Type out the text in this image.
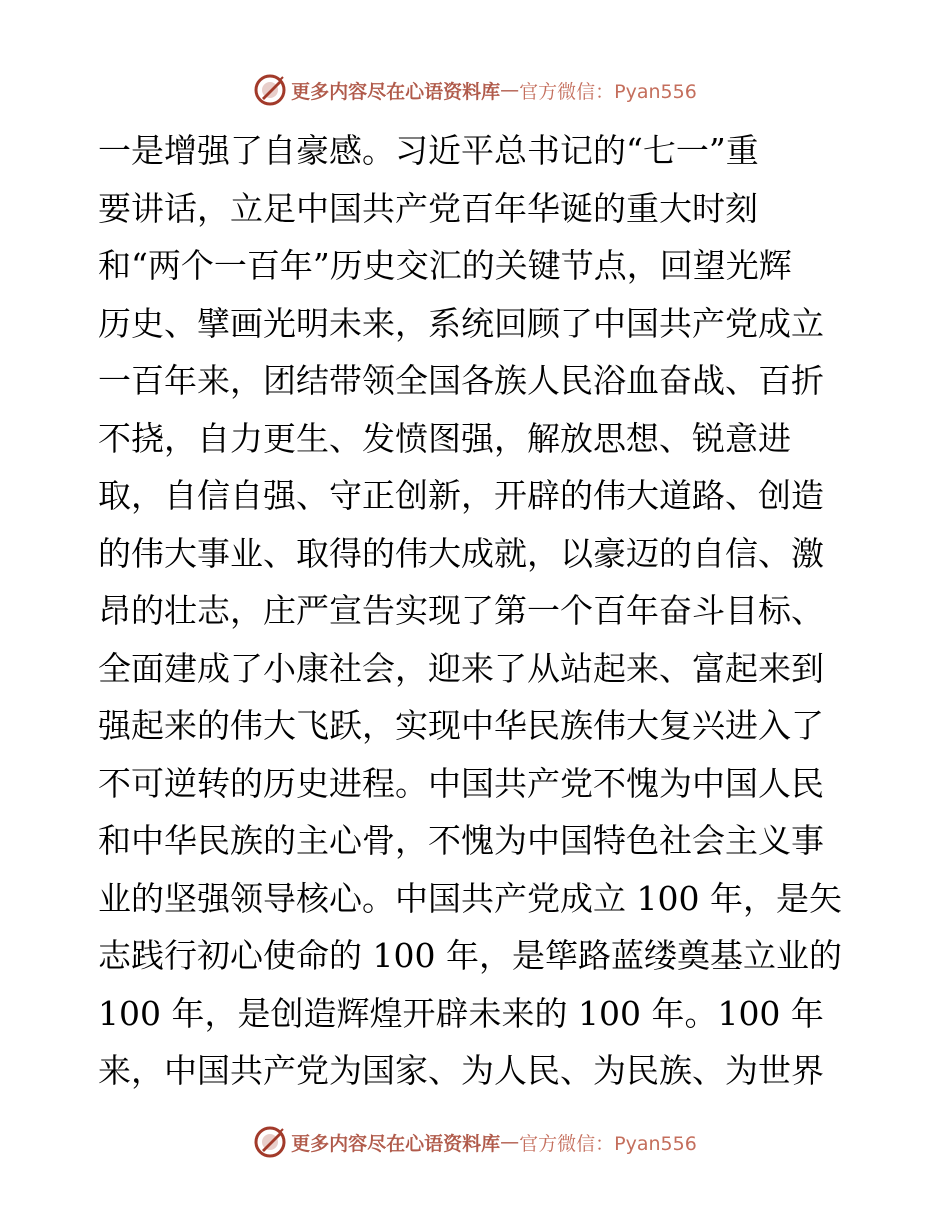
更多内容尽在心语资料库 — 官方微信：Pyan556
一是增强了自豪感。习近平总书记的“七一”重
要讲话，立足中国共产党百年华诞的重大时刻
和“两个一百年”历史交汇的关键节点，回望光辉
历史、擘画光明未来，系统回顾了中国共产党成立
一百年来，团结带领全国各族人民浴血奋战、百折
不挠，自力更生、发愤图强，解放思想、锐意进
取，自信自强、守正创新，开辟的伟大道路、创造
的伟大事业、取得的伟大成就，以豪迈的自信、激
昂的壮志，庄严宣告实现了第一个百年奋斗目标、
全面建成了小康社会，迎来了从站起来、富起来到
强起来的伟大飞跃，实现中华民族伟大复兴进入了
不可逆转的历史进程。中国共产党不愧为中国人民
和中华民族的主心骨，不愧为中国特色社会主义事
业的坚强领导核心。中国共产党成立 100 年，是矢
志践行初心使命的 100 年，是筚路蓝缕奠基立业的
100 年，是创造辉煌开辟未来的 100 年。100 年
来，中国共产党为国家、为人民、为民族、为世界
更多内容尽在心语资料库 — 官方微信：Pyan556
